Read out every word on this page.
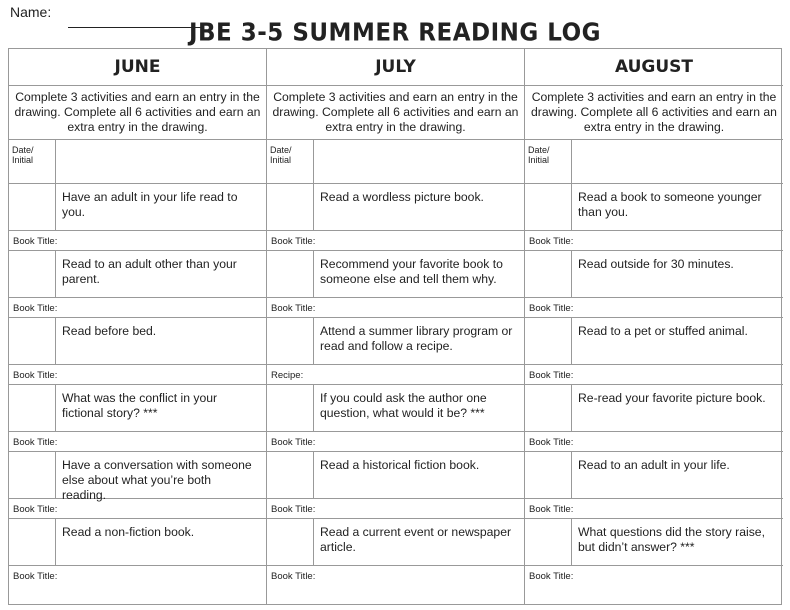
Name:
JBE 3-5 SUMMER READING LOG
JUNE
Complete 3 activities and earn an entry in the drawing. Complete all 6 activities and earn an extra entry in the drawing.
Date/
Initial
Have an adult in your life read to you.
Book Title:
Read to an adult other than your parent.
Book Title:
Read before bed.
Book Title:
What was the conflict in your fictional story? ***
Book Title:
Have a conversation with someone else about what you’re both reading.
Book Title:
Read a non-fiction book.
Book Title:
JULY
Complete 3 activities and earn an entry in the drawing. Complete all 6 activities and earn an extra entry in the drawing.
Date/
Initial
Read a wordless picture book.
Book Title:
Recommend your favorite book to someone else and tell them why.
Book Title:
Attend a summer library program or read and follow a recipe.
Recipe:
If you could ask the author one question, what would it be? ***
Book Title:
Read a historical fiction book.
Book Title:
Read a current event or newspaper article.
Book Title:
AUGUST
Complete 3 activities and earn an entry in the drawing. Complete all 6 activities and earn an extra entry in the drawing.
Date/
Initial
Read a book to someone younger than you.
Book Title:
Read outside for 30 minutes.
Book Title:
Read to a pet or stuffed animal.
Book Title:
Re-read your favorite picture book.
Book Title:
Read to an adult in your life.
Book Title:
What questions did the story raise, but didn’t answer? ***
Book Title:
